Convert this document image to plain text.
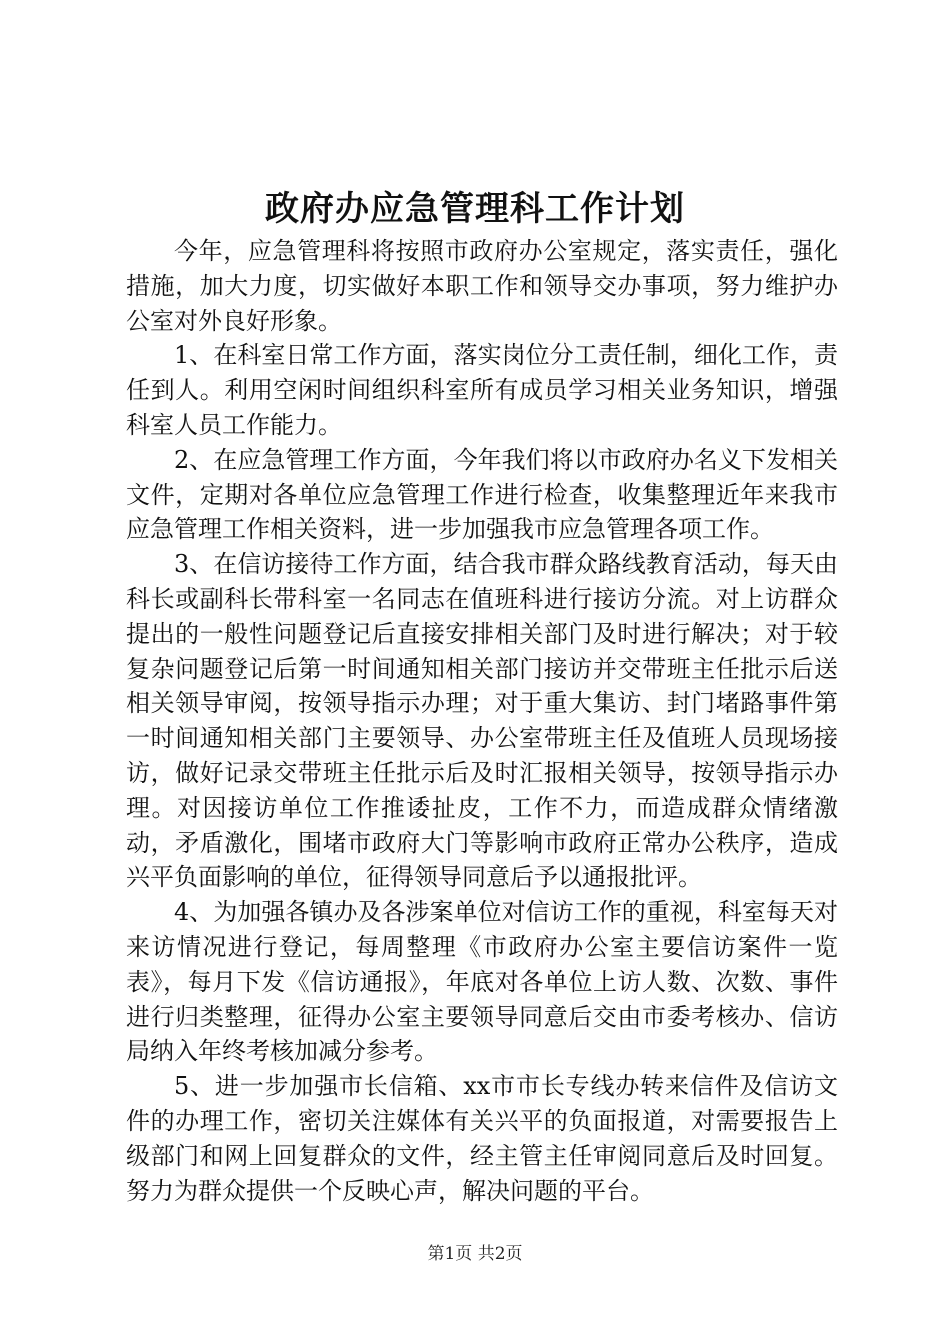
政府办应急管理科工作计划

今年，应急管理科将按照市政府办公室规定，落实责任，强化措施，加大力度，切实做好本职工作和领导交办事项，努力维护办公室对外良好形象。

1、在科室日常工作方面，落实岗位分工责任制，细化工作，责任到人。利用空闲时间组织科室所有成员学习相关业务知识，增强科室人员工作能力。

2、在应急管理工作方面，今年我们将以市政府办名义下发相关文件，定期对各单位应急管理工作进行检查，收集整理近年来我市应急管理工作相关资料，进一步加强我市应急管理各项工作。

3、在信访接待工作方面，结合我市群众路线教育活动，每天由科长或副科长带科室一名同志在值班科进行接访分流。对上访群众提出的一般性问题登记后直接安排相关部门及时进行解决；对于较复杂问题登记后第一时间通知相关部门接访并交带班主任批示后送相关领导审阅，按领导指示办理；对于重大集访、封门堵路事件第一时间通知相关部门主要领导、办公室带班主任及值班人员现场接访，做好记录交带班主任批示后及时汇报相关领导，按领导指示办理。对因接访单位工作推诿扯皮，工作不力，而造成群众情绪激动，矛盾激化，围堵市政府大门等影响市政府正常办公秩序，造成兴平负面影响的单位，征得领导同意后予以通报批评。

4、为加强各镇办及各涉案单位对信访工作的重视，科室每天对来访情况进行登记，每周整理《市政府办公室主要信访案件一览表》，每月下发《信访通报》，年底对各单位上访人数、次数、事件进行归类整理，征得办公室主要领导同意后交由市委考核办、信访局纳入年终考核加减分参考。

5、进一步加强市长信箱、xx市市长专线办转来信件及信访文件的办理工作，密切关注媒体有关兴平的负面报道，对需要报告上级部门和网上回复群众的文件，经主管主任审阅同意后及时回复。努力为群众提供一个反映心声，解决问题的平台。

第1页 共2页
